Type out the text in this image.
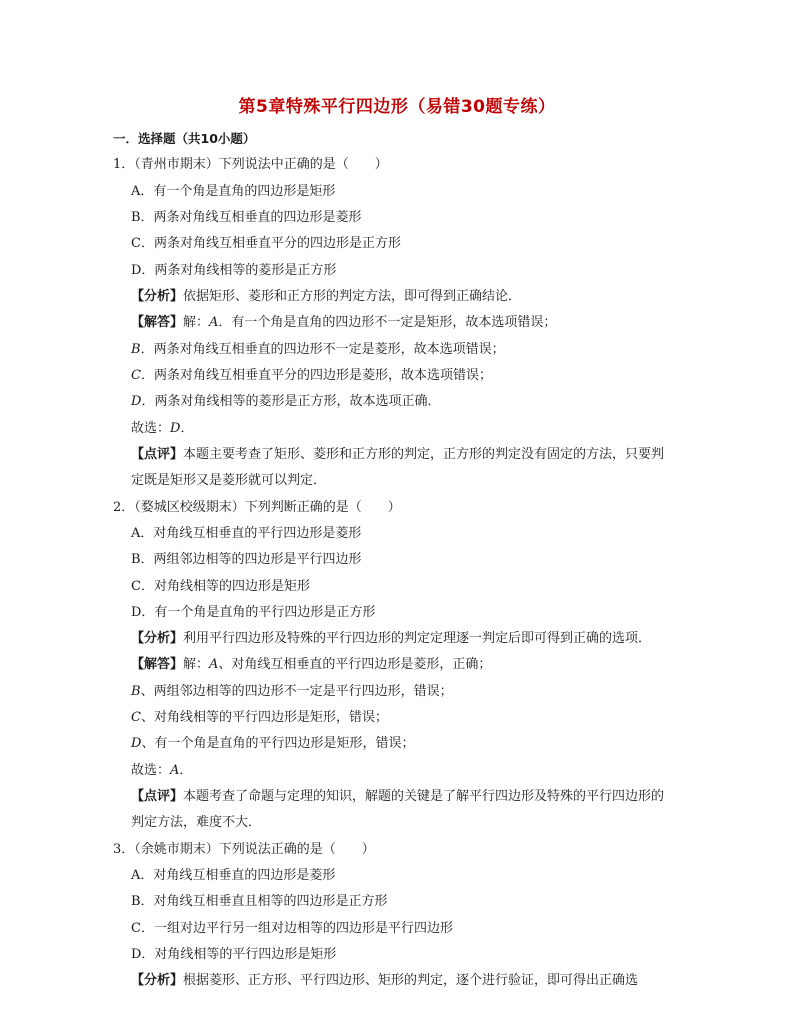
第5章特殊平行四边形（易错30题专练）
一．选择题（共10小题）
1．（青州市期末）下列说法中正确的是（　　）
A．有一个角是直角的四边形是矩形
B．两条对角线互相垂直的四边形是菱形
C．两条对角线互相垂直平分的四边形是正方形
D．两条对角线相等的菱形是正方形
【分析】依据矩形、菱形和正方形的判定方法，即可得到正确结论．
【解答】解：A．有一个角是直角的四边形不一定是矩形，故本选项错误；
B．两条对角线互相垂直的四边形不一定是菱形，故本选项错误；
C．两条对角线互相垂直平分的四边形是菱形，故本选项错误；
D．两条对角线相等的菱形是正方形，故本选项正确．
故选：D．
【点评】本题主要考查了矩形、菱形和正方形的判定，正方形的判定没有固定的方法，只要判
定既是矩形又是菱形就可以判定．
2．（婺城区校级期末）下列判断正确的是（　　）
A．对角线互相垂直的平行四边形是菱形
B．两组邻边相等的四边形是平行四边形
C．对角线相等的四边形是矩形
D．有一个角是直角的平行四边形是正方形
【分析】利用平行四边形及特殊的平行四边形的判定定理逐一判定后即可得到正确的选项．
【解答】解：A、对角线互相垂直的平行四边形是菱形，正确；
B、两组邻边相等的四边形不一定是平行四边形，错误；
C、对角线相等的平行四边形是矩形，错误；
D、有一个角是直角的平行四边形是矩形，错误；
故选：A．
【点评】本题考查了命题与定理的知识，解题的关键是了解平行四边形及特殊的平行四边形的
判定方法，难度不大．
3．（余姚市期末）下列说法正确的是（　　）
A．对角线互相垂直的四边形是菱形
B．对角线互相垂直且相等的四边形是正方形
C．一组对边平行另一组对边相等的四边形是平行四边形
D．对角线相等的平行四边形是矩形
【分析】根据菱形、正方形、平行四边形、矩形的判定，逐个进行验证，即可得出正确选
